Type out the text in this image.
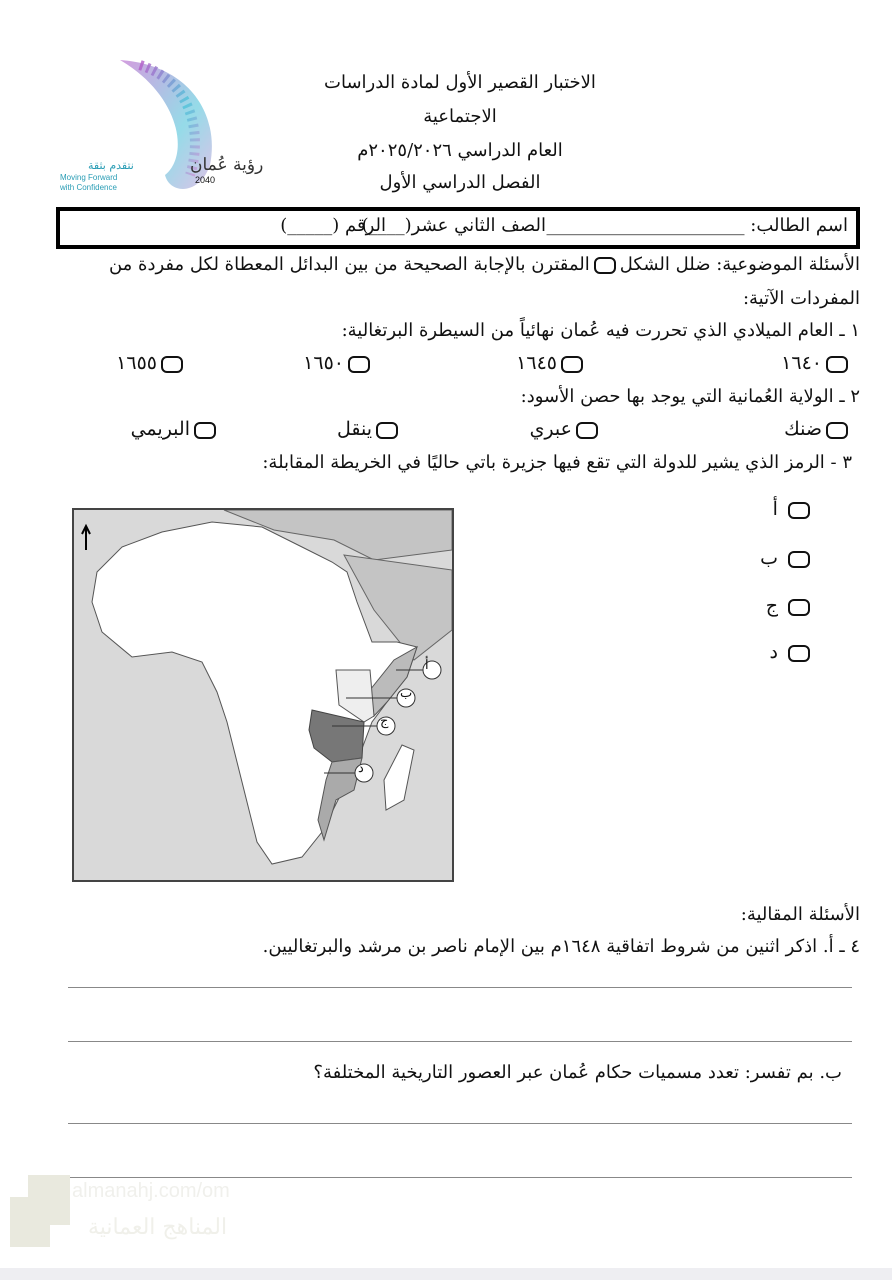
رؤية عُمان
2040
نتقدم بثقة
Moving Forward
with Confidence
الاختبار القصير الأول لمادة الدراسات
الاجتماعية
العام الدراسي ٢٠٢٥/٢٠٢٦م
الفصل الدراسي الأول
اسم الطالب: ______________________
الصف الثاني عشر(____)
الرقم (_____)
الأسئلة الموضوعية: ضلل الشكلالمقترن بالإجابة الصحيحة من بين البدائل المعطاة لكل مفردة من
المفردات الآتية:
١ ـ العام الميلادي الذي تحررت فيه عُمان نهائياً من السيطرة البرتغالية:
١٦٤٠
١٦٤٥
١٦٥٠
١٦٥٥
٢ ـ الولاية العُمانية التي يوجد بها حصن الأسود:
ضنك
عبري
ينقل
البريمي
٣ - الرمز الذي يشير للدولة التي تقع فيها جزيرة باتي حاليًا في الخريطة المقابلة:
أ
ب
ج
د
أ
ب
ج
د
الأسئلة المقالية:
٤ ـ أ. اذكر اثنين من شروط اتفاقية ١٦٤٨م بين الإمام ناصر بن مرشد والبرتغاليين.
ب. بم تفسر: تعدد مسميات حكام عُمان عبر العصور التاريخية المختلفة؟
almanahj.com/om
المناهج العمانية
